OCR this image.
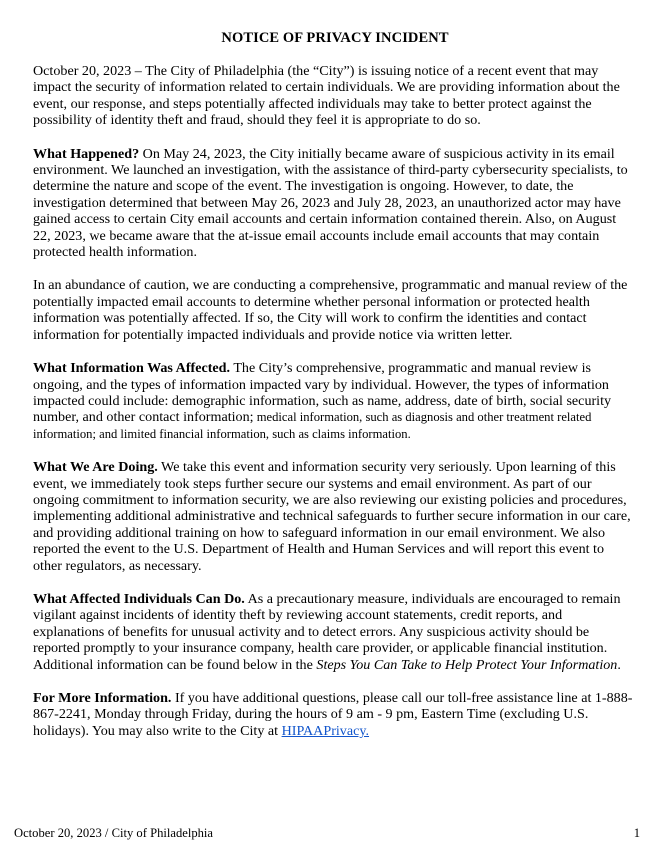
NOTICE OF PRIVACY INCIDENT

October 20, 2023 – The City of Philadelphia (the “City”) is issuing notice of a recent event that may impact the security of information related to certain individuals. We are providing information about the event, our response, and steps potentially affected individuals may take to better protect against the possibility of identity theft and fraud, should they feel it is appropriate to do so.

What Happened? On May 24, 2023, the City initially became aware of suspicious activity in its email environment. We launched an investigation, with the assistance of third-party cybersecurity specialists, to determine the nature and scope of the event. The investigation is ongoing. However, to date, the investigation determined that between May 26, 2023 and July 28, 2023, an unauthorized actor may have gained access to certain City email accounts and certain information contained therein. Also, on August 22, 2023, we became aware that the at-issue email accounts include email accounts that may contain protected health information.

In an abundance of caution, we are conducting a comprehensive, programmatic and manual review of the potentially impacted email accounts to determine whether personal information or protected health information was potentially affected. If so, the City will work to confirm the identities and contact information for potentially impacted individuals and provide notice via written letter.

What Information Was Affected. The City’s comprehensive, programmatic and manual review is ongoing, and the types of information impacted vary by individual. However, the types of information impacted could include: demographic information, such as name, address, date of birth, social security number, and other contact information; medical information, such as diagnosis and other treatment related information; and limited financial information, such as claims information.

What We Are Doing. We take this event and information security very seriously. Upon learning of this event, we immediately took steps further secure our systems and email environment. As part of our ongoing commitment to information security, we are also reviewing our existing policies and procedures, implementing additional administrative and technical safeguards to further secure information in our care, and providing additional training on how to safeguard information in our email environment. We also reported the event to the U.S. Department of Health and Human Services and will report this event to other regulators, as necessary.

What Affected Individuals Can Do. As a precautionary measure, individuals are encouraged to remain vigilant against incidents of identity theft by reviewing account statements, credit reports, and explanations of benefits for unusual activity and to detect errors. Any suspicious activity should be reported promptly to your insurance company, health care provider, or applicable financial institution. Additional information can be found below in the Steps You Can Take to Help Protect Your Information.

For More Information. If you have additional questions, please call our toll-free assistance line at 1-888-867-2241, Monday through Friday, during the hours of 9 am - 9 pm, Eastern Time (excluding U.S. holidays). You may also write to the City at HIPAAPrivacy.

October 20, 2023 / City of Philadelphia	1
